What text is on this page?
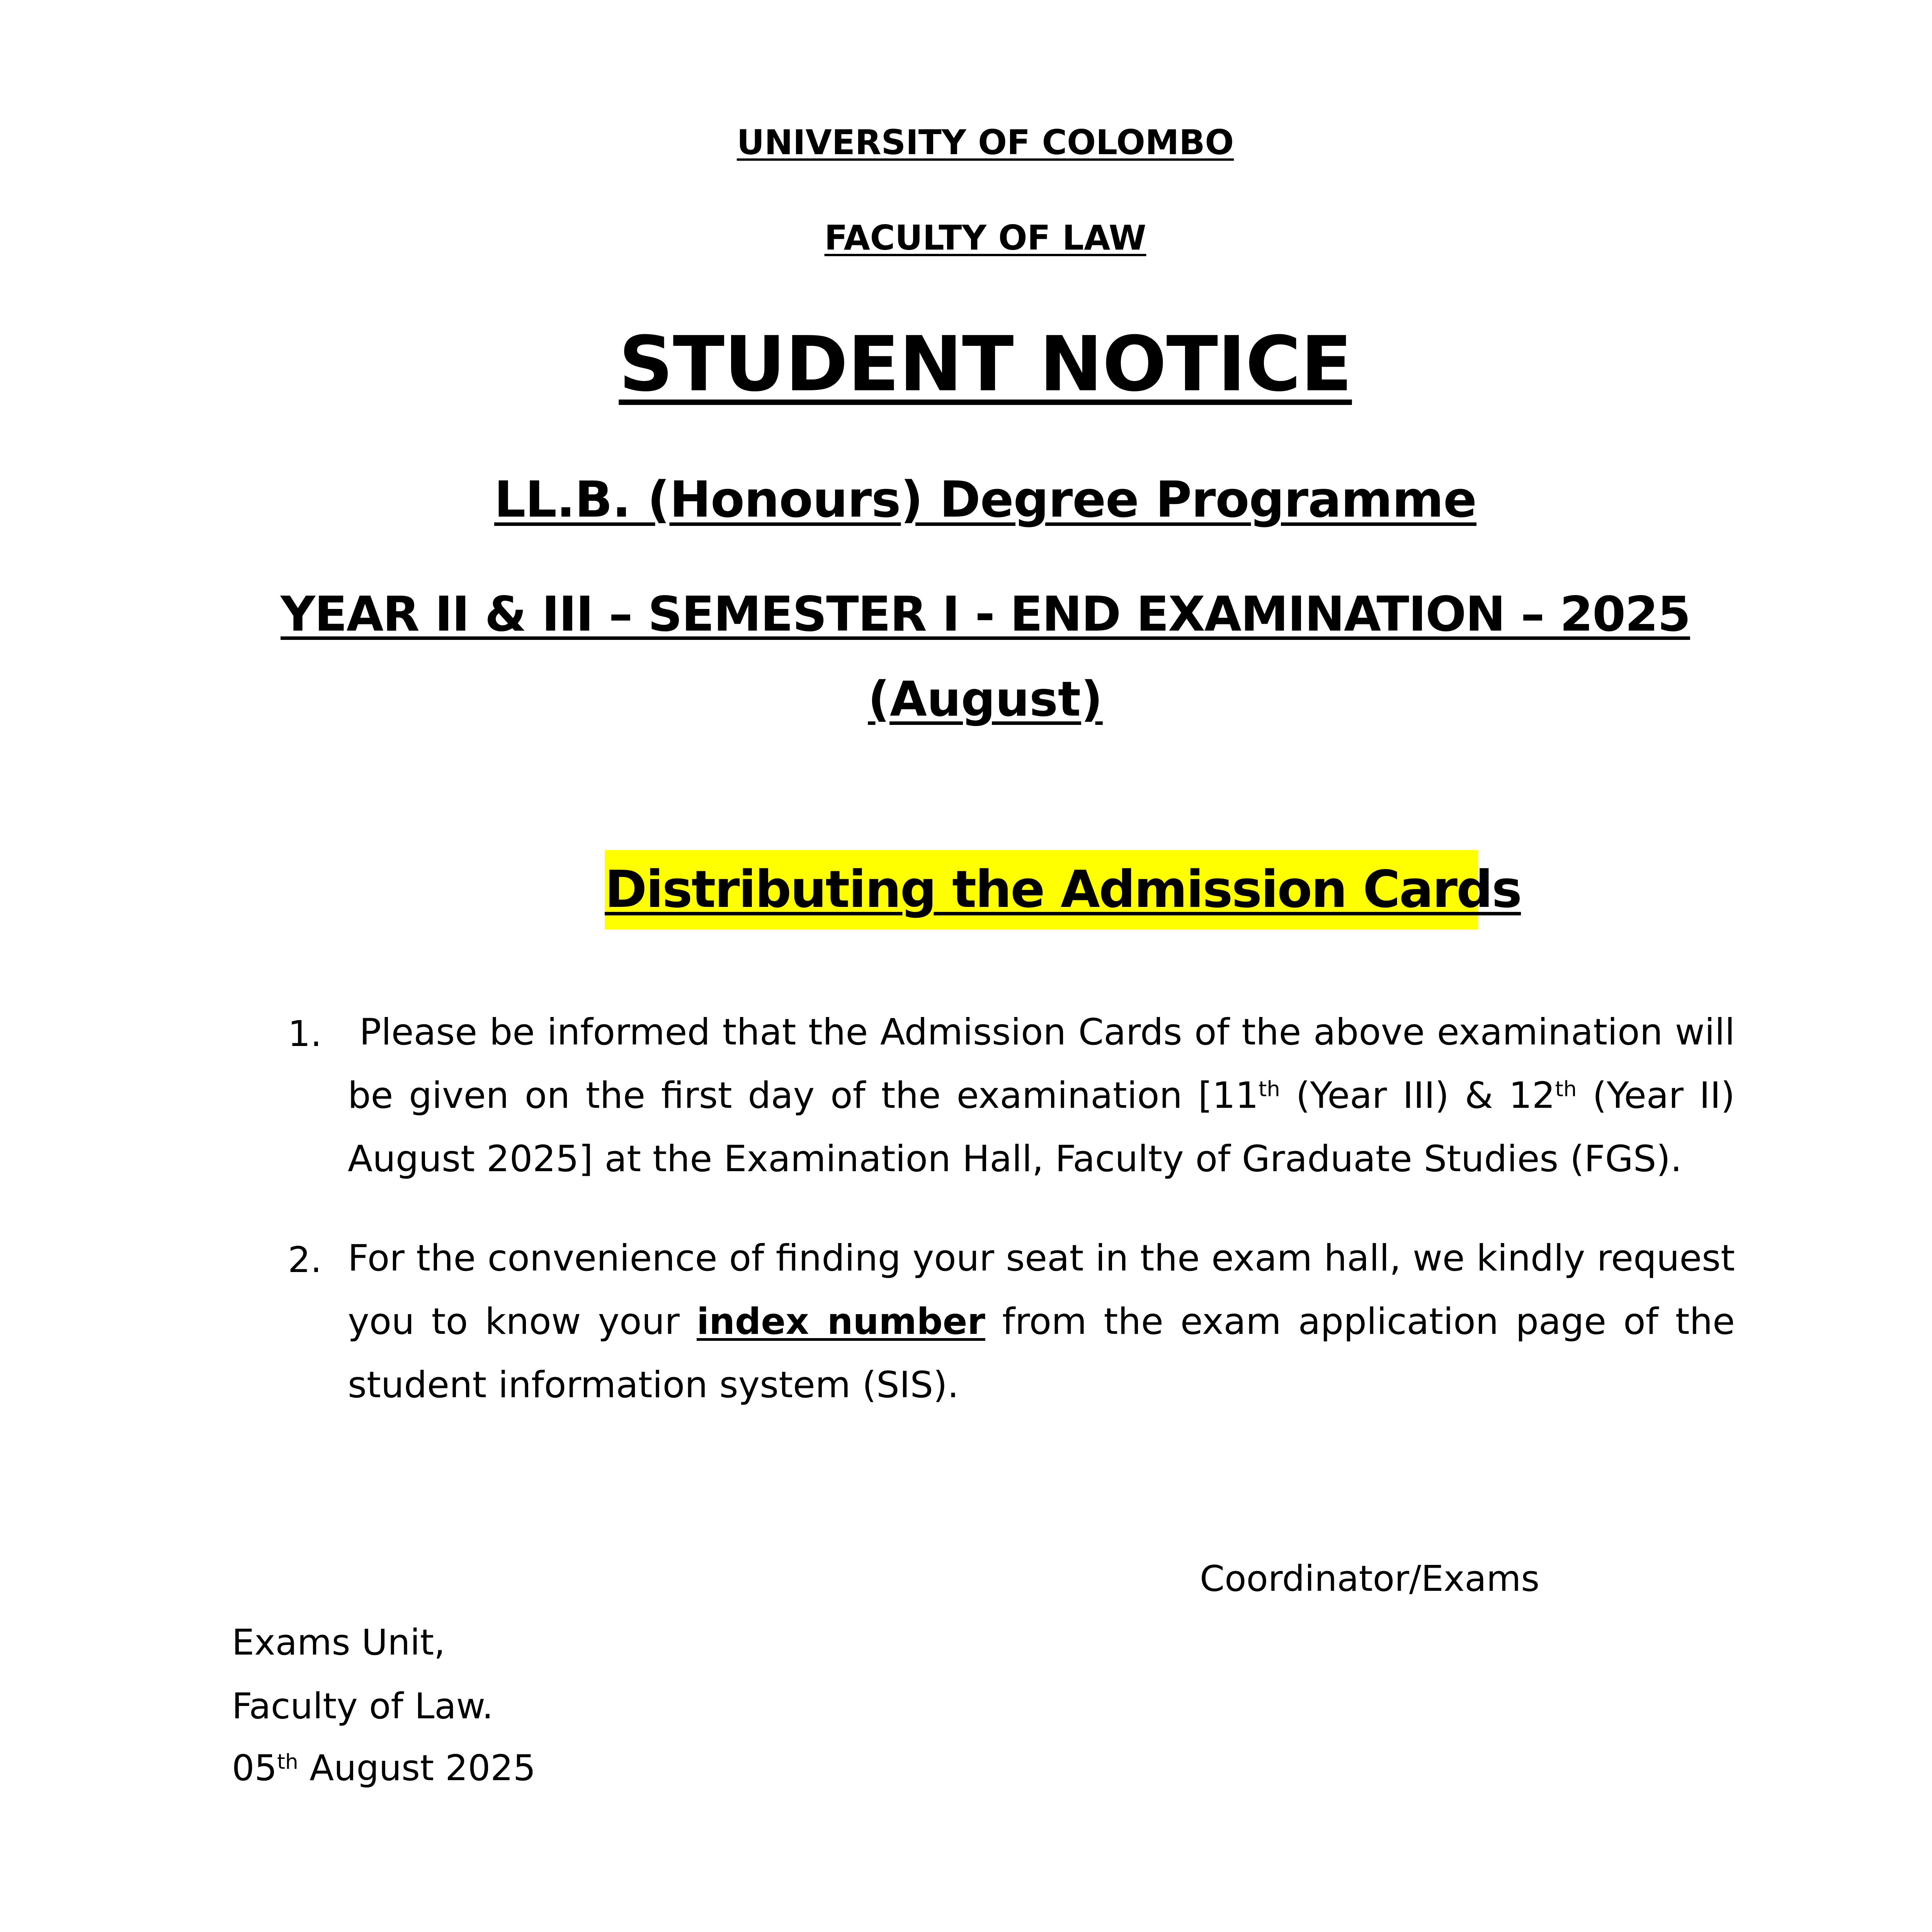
UNIVERSITY OF COLOMBO
FACULTY OF LAW
STUDENT NOTICE
LL.B. (Honours) Degree Programme
YEAR II & III – SEMESTER I - END EXAMINATION – 2025
(August)
Distributing the Admission Cards
1.	Please be informed that the Admission Cards of the above examination will be given on the first day of the examination [11th (Year III) & 12th (Year II) August 2025] at the Examination Hall, Faculty of Graduate Studies (FGS).
2. For the convenience of finding your seat in the exam hall, we kindly request you to know your index number from the exam application page of the student information system (SIS).
Coordinator/Exams
Exams Unit,
Faculty of Law.
05th August 2025
